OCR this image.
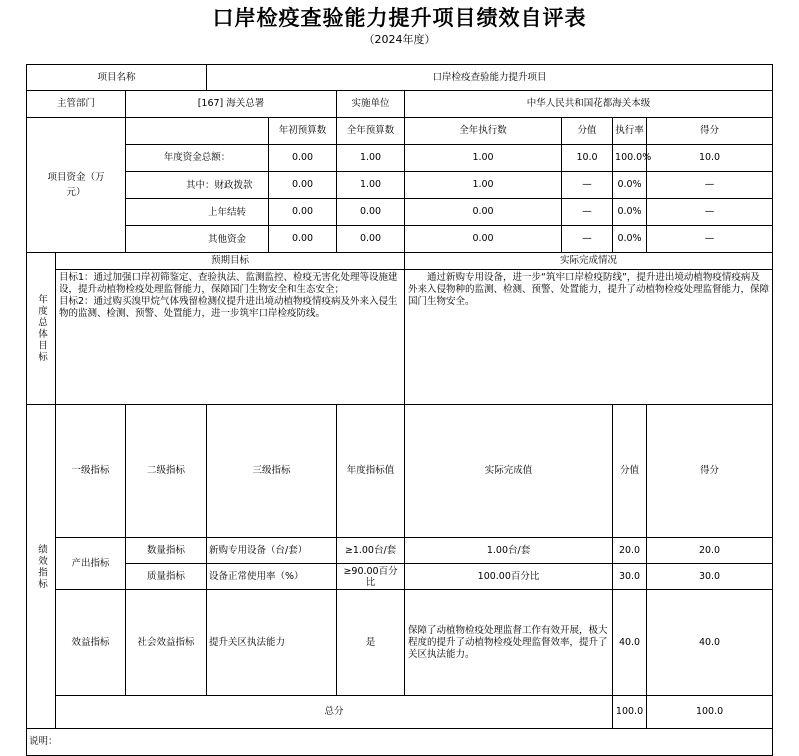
口岸检疫查验能力提升项目绩效自评表
（2024年度）
项目名称			口岸检疫查验能力提升项目							
主管部门		[167] 海关总署			实施单位	中华人民共和国花都海关本级				

项目资金（万元）				年初预算数	全年预算数	全年执行数	分值	执行率	得分	
		年度资金总额：		0.00	1.00	1.00	10.0	100.0%	10.0	

		其中：财政拨款		0.00	1.00	1.00	—	0.0%	—	

		上年结转		0.00	0.00	0.00	—	0.0%	—	

		其他资金		0.00	0.00	0.00	—	0.0%	—	

年度总体目标	预期目标					实际完成情况				

	目标1：通过加强口岸初筛鉴定、查验执法、监测监控、检疫无害化处理等设施建设，提升动植物检疫处理监督能力，保障国门生物安全和生态安全；
目标2：通过购买溴甲烷气体残留检测仪提升进出境动植物疫情疫病及外来入侵生物的监测、检测、预警、处置能力，进一步筑牢口岸检疫防线。					　　通过新购专用设备，进一步“筑牢口岸检疫防线”，提升进出境动植物疫情疫病及外来入侵物种的监测、检测、预警、处置能力，提升了动植物检疫处理监督能力，保障国门生物安全。				

绩效指标	一级指标	二级指标	三级指标		年度指标值	实际完成值		分值	得分	
	产出指标	数量指标	新购专用设备（台/套）		≥1.00台/套	1.00台/套		20.0	20.0	
		质量指标	设备正常使用率（%）		≥90.00百分比	100.00百分比		30.0	30.0	
	效益指标	社会效益指标	提升关区执法能力		是	保障了动植物检疫处理监督工作有效开展，极大程度的提升了动植物检疫处理监督效率，提升了关区执法能力。		40.0	40.0	
	总分							100.0	100.0	
说明：										
